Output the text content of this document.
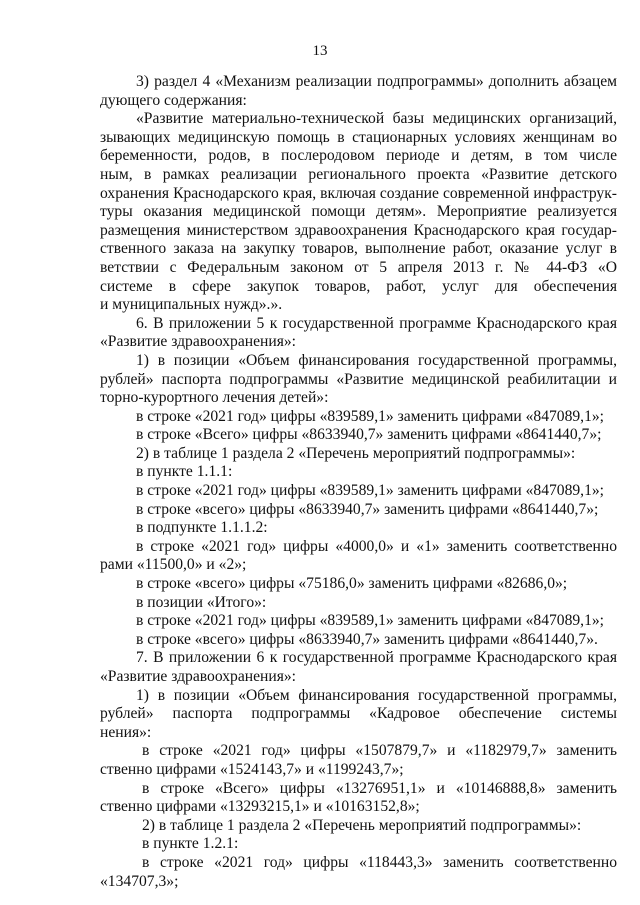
13
3) раздел 4 «Механизм реализации подпрограммы» дополнить абзацем
дующего содержания:
«Развитие материально-технической базы медицинских организаций,
зывающих медицинскую помощь в стационарных условиях женщинам во
беременности, родов, в послеродовом периоде и детям, в том числе
ным, в рамках реализации регионального проекта «Развитие детского
охранения Краснодарского края, включая создание современной инфраструк-
туры оказания медицинской помощи детям». Мероприятие реализуется
размещения министерством здравоохранения Краснодарского края государ-
ственного заказа на закупку товаров, выполнение работ, оказание услуг в
ветствии с Федеральным законом от 5 апреля 2013 г. № 44-ФЗ «О
системе в сфере закупок товаров, работ, услуг для обеспечения
и муниципальных нужд».».
6. В приложении 5 к государственной программе Краснодарского края
«Развитие здравоохранения»:
1) в позиции «Объем финансирования государственной программы,
рублей» паспорта подпрограммы «Развитие медицинской реабилитации и
торно-курортного лечения детей»:
в строке «2021 год» цифры «839589,1» заменить цифрами «847089,1»;
в строке «Всего» цифры «8633940,7» заменить цифрами «8641440,7»;
2) в таблице 1 раздела 2 «Перечень мероприятий подпрограммы»:
в пункте 1.1.1:
в строке «2021 год» цифры «839589,1» заменить цифрами «847089,1»;
в строке «всего» цифры «8633940,7» заменить цифрами «8641440,7»;
в подпункте 1.1.1.2:
в строке «2021 год» цифры «4000,0» и «1» заменить соответственно
рами «11500,0» и «2»;
в строке «всего» цифры «75186,0» заменить цифрами «82686,0»;
в позиции «Итого»:
в строке «2021 год» цифры «839589,1» заменить цифрами «847089,1»;
в строке «всего» цифры «8633940,7» заменить цифрами «8641440,7».
7. В приложении 6 к государственной программе Краснодарского края
«Развитие здравоохранения»:
1) в позиции «Объем финансирования государственной программы,
рублей» паспорта подпрограммы «Кадровое обеспечение системы
нения»:
в строке «2021 год» цифры «1507879,7» и «1182979,7» заменить
ственно цифрами «1524143,7» и «1199243,7»;
в строке «Всего» цифры «13276951,1» и «10146888,8» заменить
ственно цифрами «13293215,1» и «10163152,8»;
2) в таблице 1 раздела 2 «Перечень мероприятий подпрограммы»:
в пункте 1.2.1:
в строке «2021 год» цифры «118443,3» заменить соответственно
«134707,3»;
